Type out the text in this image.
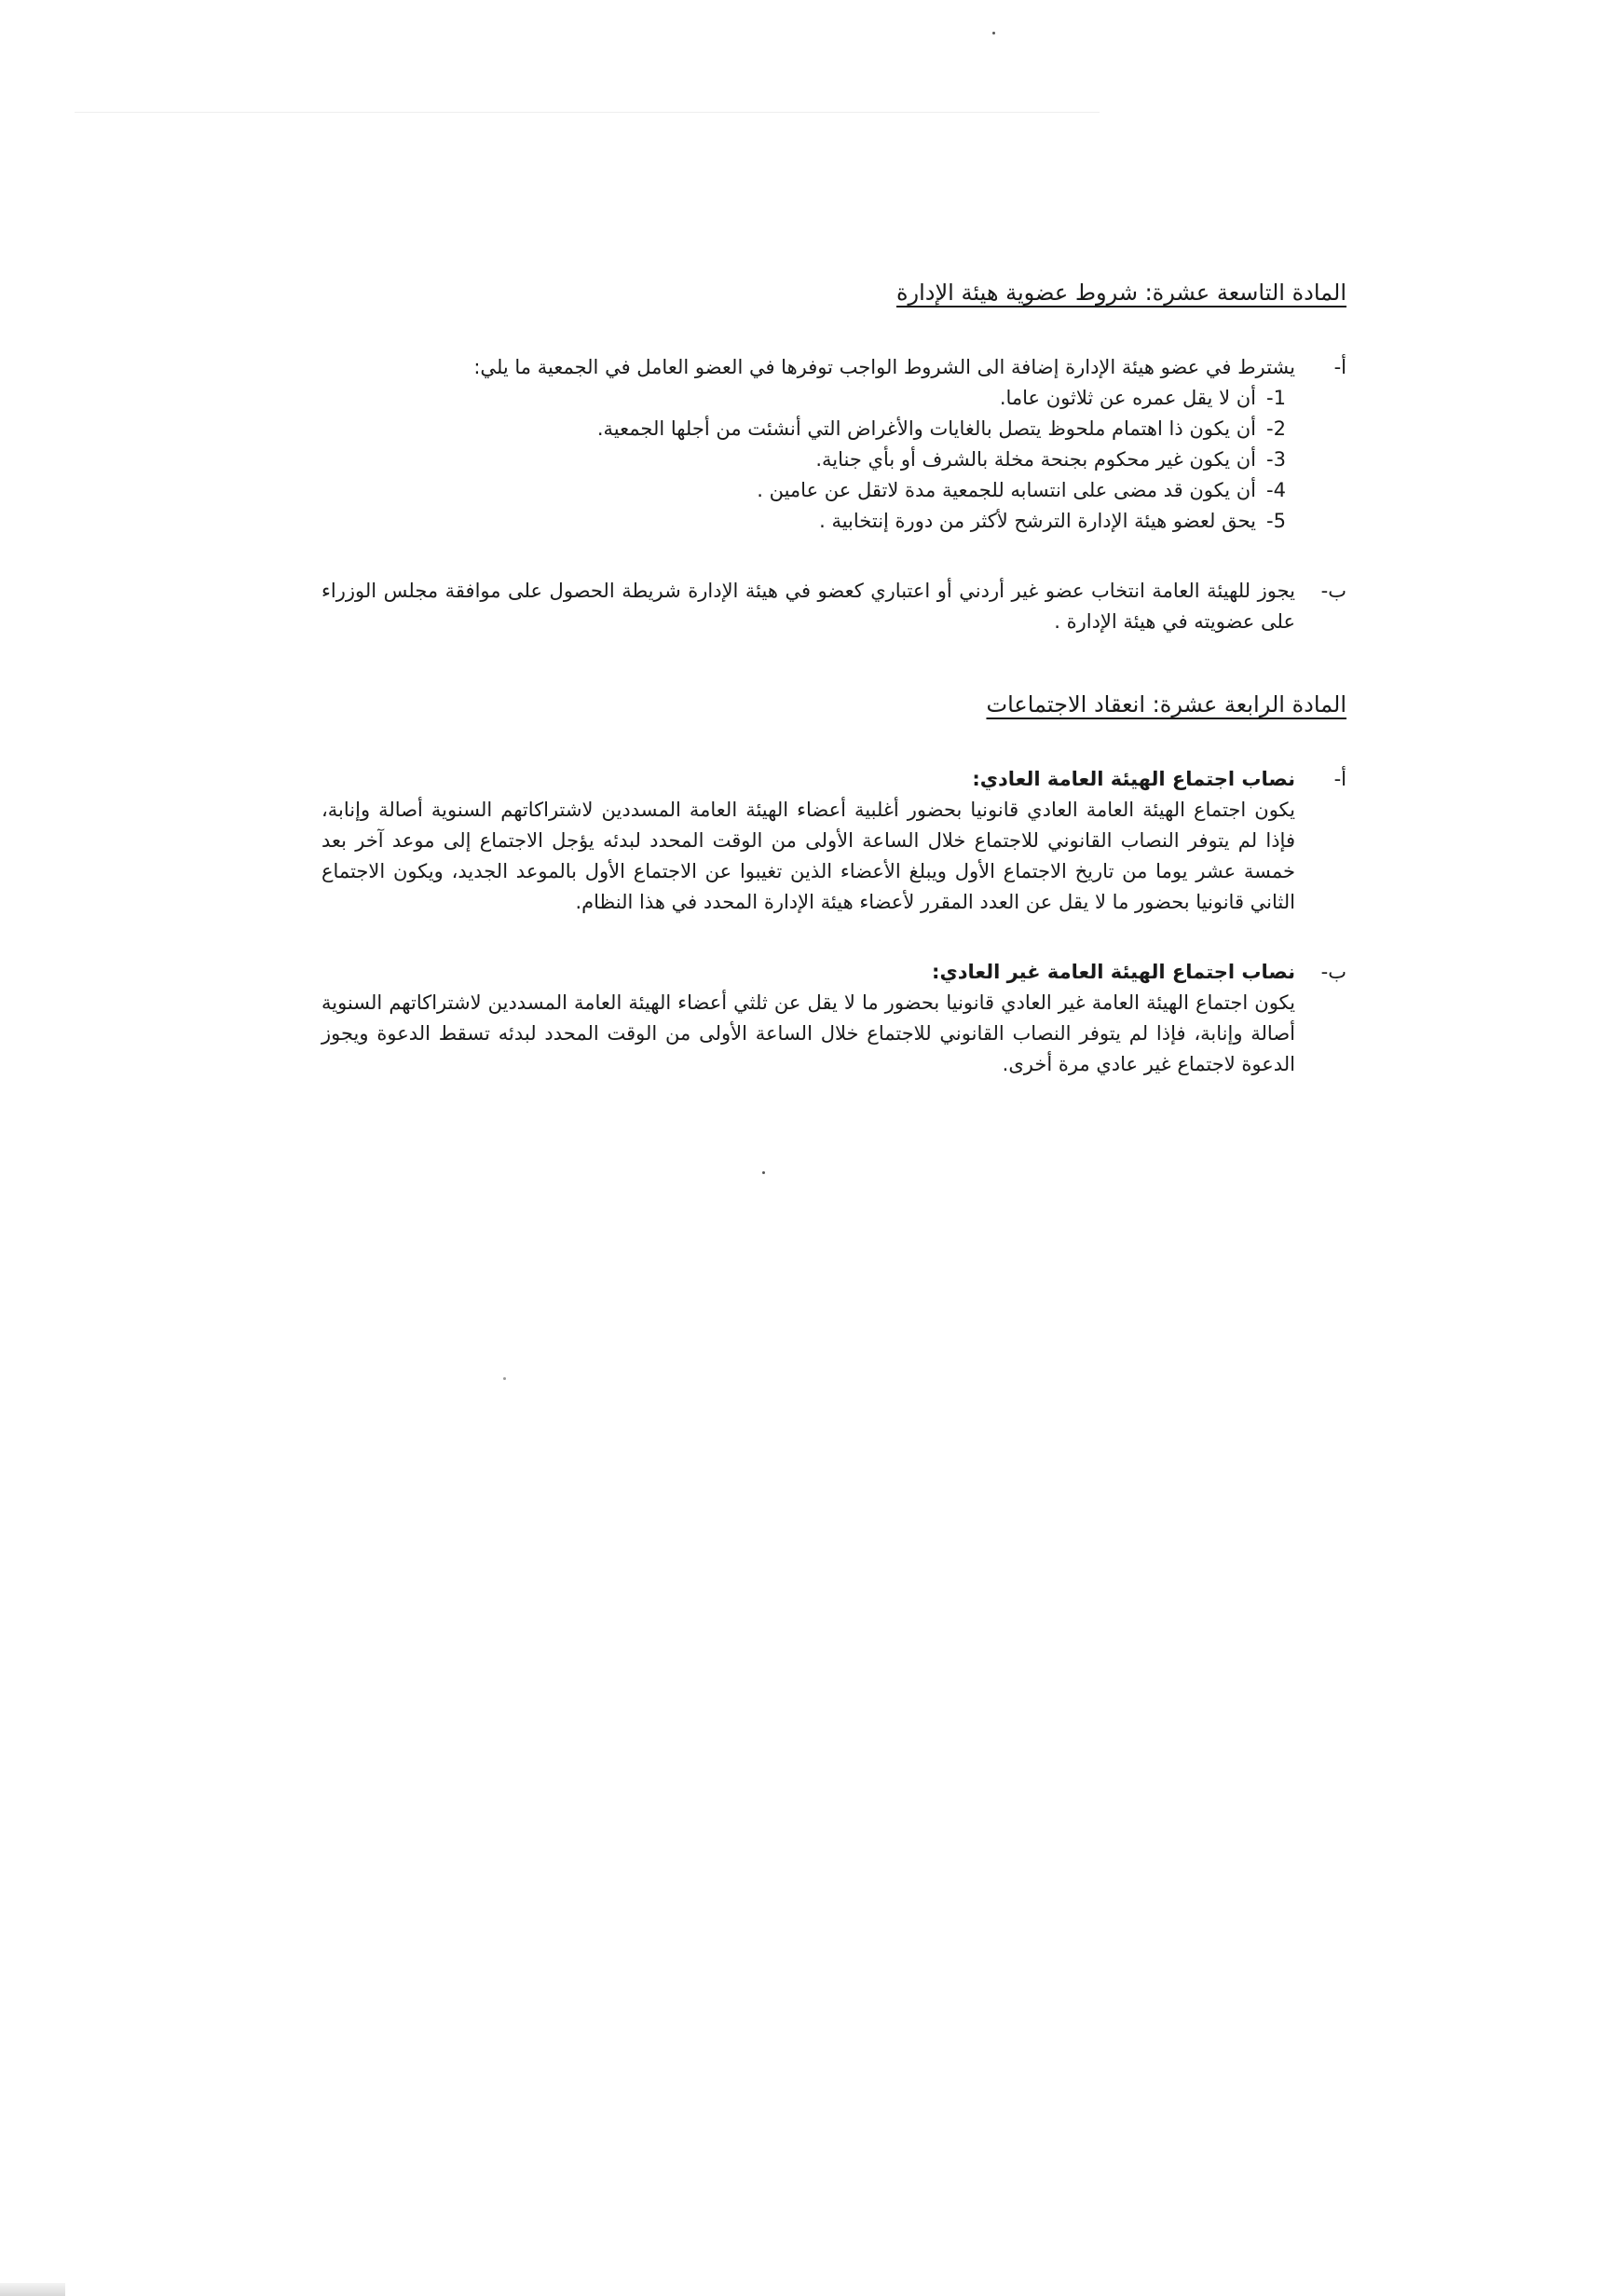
المادة التاسعة عشرة: شروط عضوية هيئة الإدارة
أ-
يشترط في عضو هيئة الإدارة إضافة الى الشروط الواجب توفرها في العضو العامل في الجمعية ما يلي:
1-
أن لا يقل عمره عن ثلاثون عاما.
2-
أن يكون ذا اهتمام ملحوظ يتصل بالغايات والأغراض التي أنشئت من أجلها الجمعية.
3-
أن يكون غير محكوم بجنحة مخلة بالشرف أو بأي جناية.
4-
أن يكون قد مضى على انتسابه للجمعية مدة لاتقل عن عامين .
5-
يحق لعضو هيئة الإدارة الترشح لأكثر من دورة إنتخابية .
ب-
يجوز للهيئة العامة انتخاب عضو غير أردني أو اعتباري كعضو في هيئة الإدارة شريطة الحصول على موافقة مجلس الوزراء على عضويته في هيئة الإدارة .
المادة الرابعة عشرة: انعقاد الاجتماعات
أ-
نصاب اجتماع الهيئة العامة العادي:
يكون اجتماع الهيئة العامة العادي قانونيا بحضور أغلبية أعضاء الهيئة العامة المسددين لاشتراكاتهم السنوية أصالة وإنابة، فإذا لم يتوفر النصاب القانوني للاجتماع خلال الساعة الأولى من الوقت المحدد لبدئه يؤجل الاجتماع إلى موعد آخر بعد خمسة عشر يوما من تاريخ الاجتماع الأول ويبلغ الأعضاء الذين تغيبوا عن الاجتماع الأول بالموعد الجديد، ويكون الاجتماع الثاني قانونيا بحضور ما لا يقل عن العدد المقرر لأعضاء هيئة الإدارة المحدد في هذا النظام.
ب-
نصاب اجتماع الهيئة العامة غير العادي:
يكون اجتماع الهيئة العامة غير العادي قانونيا بحضور ما لا يقل عن ثلثي أعضاء الهيئة العامة المسددين لاشتراكاتهم السنوية أصالة وإنابة، فإذا لم يتوفر النصاب القانوني للاجتماع خلال الساعة الأولى من الوقت المحدد لبدئه تسقط الدعوة ويجوز الدعوة لاجتماع غير عادي مرة أخرى.
